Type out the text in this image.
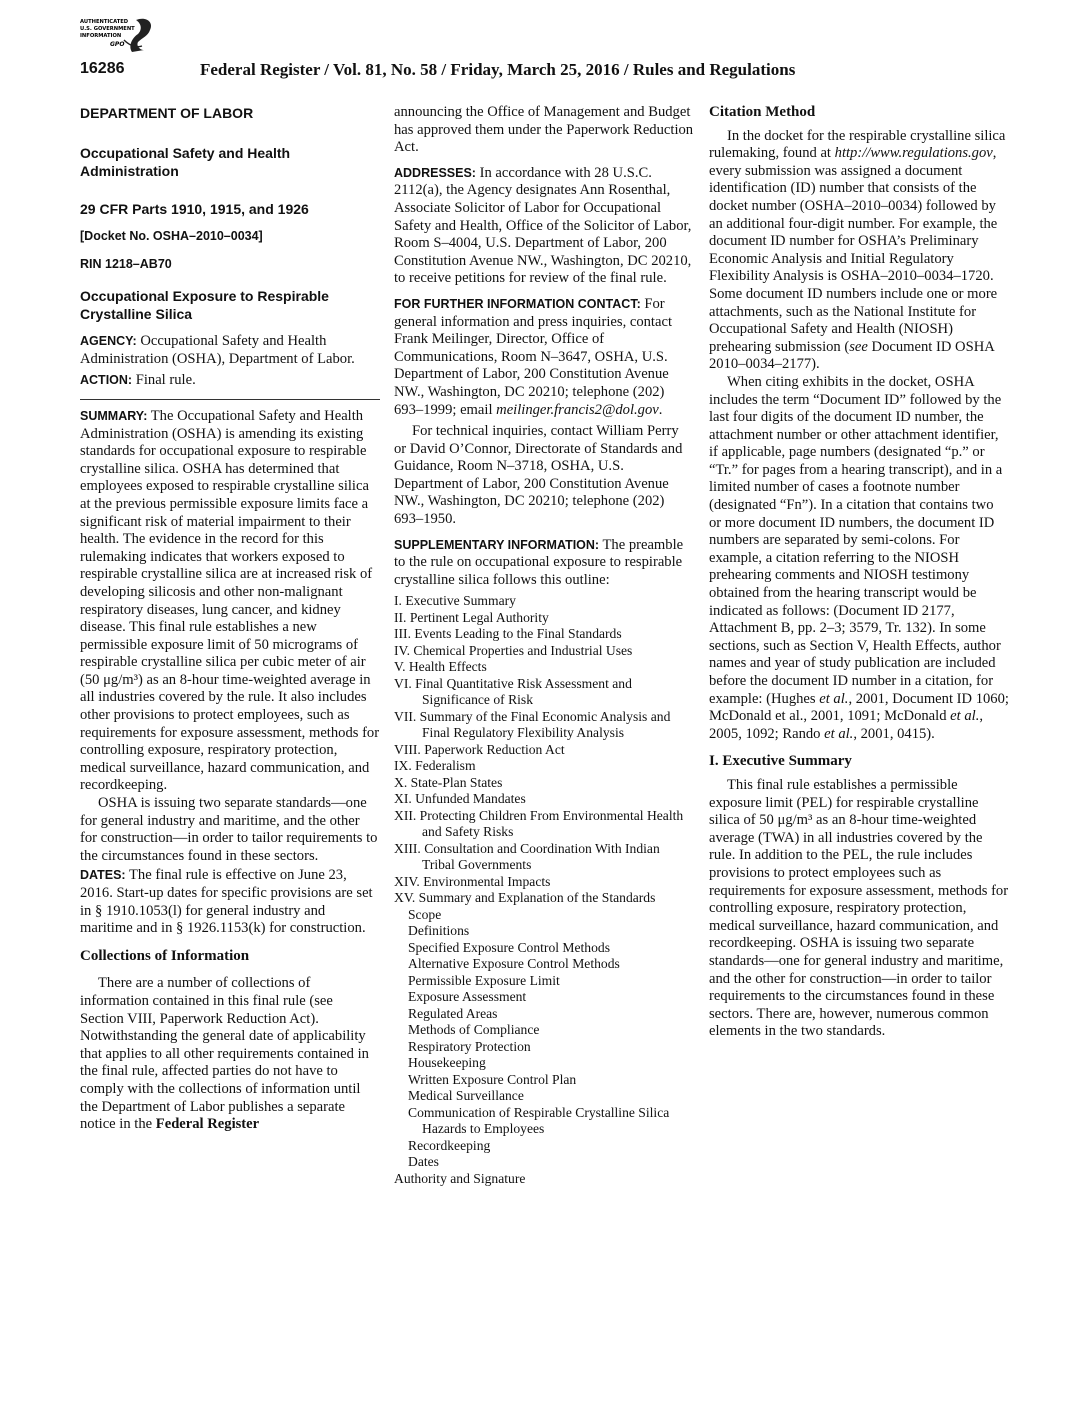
AUTHENTICATED
U.S. GOVERNMENT
INFORMATION
GPO
16286	Federal Register / Vol. 81, No. 58 / Friday, March 25, 2016 / Rules and Regulations

DEPARTMENT OF LABOR

Occupational Safety and Health Administration

29 CFR Parts 1910, 1915, and 1926

[Docket No. OSHA–2010–0034]

RIN 1218–AB70

Occupational Exposure to Respirable Crystalline Silica

AGENCY: Occupational Safety and Health Administration (OSHA), Department of Labor.

ACTION: Final rule.

SUMMARY: The Occupational Safety and Health Administration (OSHA) is amending its existing standards for occupational exposure to respirable crystalline silica. OSHA has determined that employees exposed to respirable crystalline silica at the previous permissible exposure limits face a significant risk of material impairment to their health. The evidence in the record for this rulemaking indicates that workers exposed to respirable crystalline silica are at increased risk of developing silicosis and other non-malignant respiratory diseases, lung cancer, and kidney disease. This final rule establishes a new permissible exposure limit of 50 micrograms of respirable crystalline silica per cubic meter of air (50 μg/m³) as an 8-hour time-weighted average in all industries covered by the rule. It also includes other provisions to protect employees, such as requirements for exposure assessment, methods for controlling exposure, respiratory protection, medical surveillance, hazard communication, and recordkeeping.

OSHA is issuing two separate standards—one for general industry and maritime, and the other for construction—in order to tailor requirements to the circumstances found in these sectors.

DATES: The final rule is effective on June 23, 2016. Start-up dates for specific provisions are set in § 1910.1053(l) for general industry and maritime and in § 1926.1153(k) for construction.

Collections of Information

There are a number of collections of information contained in this final rule (see Section VIII, Paperwork Reduction Act). Notwithstanding the general date of applicability that applies to all other requirements contained in the final rule, affected parties do not have to comply with the collections of information until the Department of Labor publishes a separate notice in the Federal Register

announcing the Office of Management and Budget has approved them under the Paperwork Reduction Act.

ADDRESSES: In accordance with 28 U.S.C. 2112(a), the Agency designates Ann Rosenthal, Associate Solicitor of Labor for Occupational Safety and Health, Office of the Solicitor of Labor, Room S–4004, U.S. Department of Labor, 200 Constitution Avenue NW., Washington, DC 20210, to receive petitions for review of the final rule.

FOR FURTHER INFORMATION CONTACT: For general information and press inquiries, contact Frank Meilinger, Director, Office of Communications, Room N–3647, OSHA, U.S. Department of Labor, 200 Constitution Avenue NW., Washington, DC 20210; telephone (202) 693–1999; email meilinger.francis2@dol.gov.

For technical inquiries, contact William Perry or David O’Connor, Directorate of Standards and Guidance, Room N–3718, OSHA, U.S. Department of Labor, 200 Constitution Avenue NW., Washington, DC 20210; telephone (202) 693–1950.

SUPPLEMENTARY INFORMATION: The preamble to the rule on occupational exposure to respirable crystalline silica follows this outline:

I. Executive Summary
II. Pertinent Legal Authority
III. Events Leading to the Final Standards
IV. Chemical Properties and Industrial Uses
V. Health Effects
VI. Final Quantitative Risk Assessment and Significance of Risk
VII. Summary of the Final Economic Analysis and Final Regulatory Flexibility Analysis
VIII. Paperwork Reduction Act
IX. Federalism
X. State-Plan States
XI. Unfunded Mandates
XII. Protecting Children From Environmental Health and Safety Risks
XIII. Consultation and Coordination With Indian Tribal Governments
XIV. Environmental Impacts
XV. Summary and Explanation of the Standards
Scope
Definitions
Specified Exposure Control Methods
Alternative Exposure Control Methods
Permissible Exposure Limit
Exposure Assessment
Regulated Areas
Methods of Compliance
Respiratory Protection
Housekeeping
Written Exposure Control Plan
Medical Surveillance
Communication of Respirable Crystalline Silica Hazards to Employees
Recordkeeping
Dates
Authority and Signature

Citation Method

In the docket for the respirable crystalline silica rulemaking, found at http://www.regulations.gov, every submission was assigned a document identification (ID) number that consists of the docket number (OSHA–2010–0034) followed by an additional four-digit number. For example, the document ID number for OSHA’s Preliminary Economic Analysis and Initial Regulatory Flexibility Analysis is OSHA–2010–0034–1720. Some document ID numbers include one or more attachments, such as the National Institute for Occupational Safety and Health (NIOSH) prehearing submission (see Document ID OSHA 2010–0034–2177).

When citing exhibits in the docket, OSHA includes the term “Document ID” followed by the last four digits of the document ID number, the attachment number or other attachment identifier, if applicable, page numbers (designated “p.” or “Tr.” for pages from a hearing transcript), and in a limited number of cases a footnote number (designated “Fn”). In a citation that contains two or more document ID numbers, the document ID numbers are separated by semi-colons. For example, a citation referring to the NIOSH prehearing comments and NIOSH testimony obtained from the hearing transcript would be indicated as follows: (Document ID 2177, Attachment B, pp. 2–3; 3579, Tr. 132). In some sections, such as Section V, Health Effects, author names and year of study publication are included before the document ID number in a citation, for example: (Hughes et al., 2001, Document ID 1060; McDonald et al., 2001, 1091; McDonald et al., 2005, 1092; Rando et al., 2001, 0415).

I. Executive Summary

This final rule establishes a permissible exposure limit (PEL) for respirable crystalline silica of 50 μg/m³ as an 8-hour time-weighted average (TWA) in all industries covered by the rule. In addition to the PEL, the rule includes provisions to protect employees such as requirements for exposure assessment, methods for controlling exposure, respiratory protection, medical surveillance, hazard communication, and recordkeeping. OSHA is issuing two separate standards—one for general industry and maritime, and the other for construction—in order to tailor requirements to the circumstances found in these sectors. There are, however, numerous common elements in the two standards.
